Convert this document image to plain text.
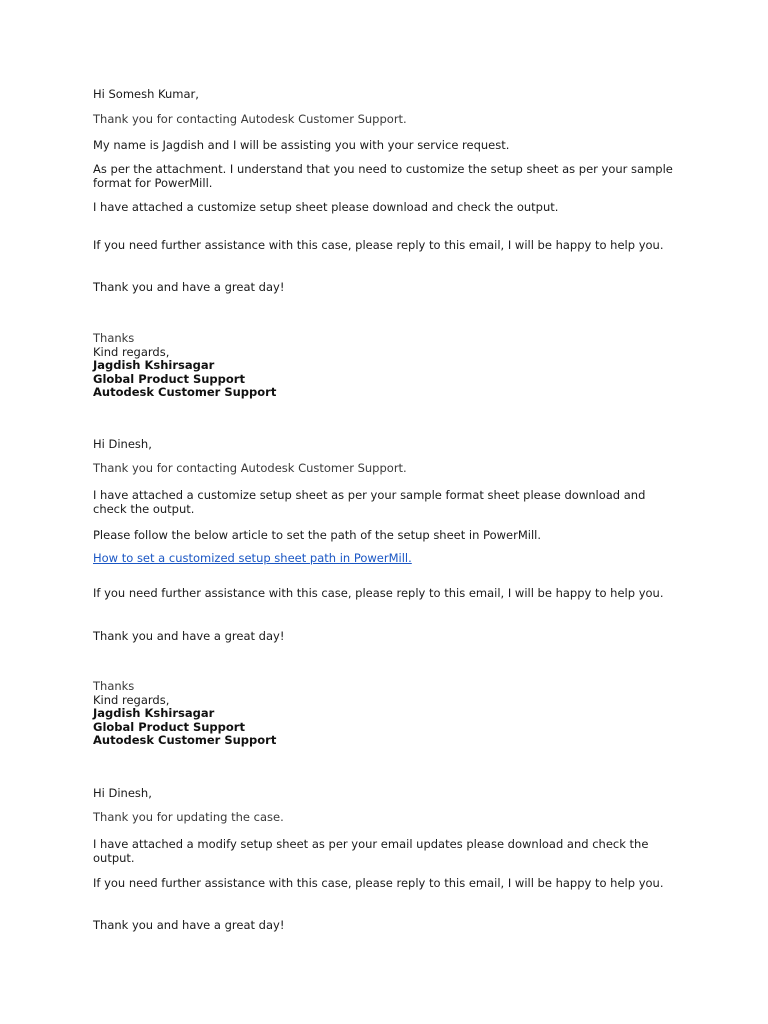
Hi Somesh Kumar,

Thank you for contacting Autodesk Customer Support.

My name is Jagdish and I will be assisting you with your service request.

As per the attachment. I understand that you need to customize the setup sheet as per your sample format for PowerMill.

I have attached a customize setup sheet please download and check the output.

If you need further assistance with this case, please reply to this email, I will be happy to help you.

Thank you and have a great day!

Thanks
Kind regards,
Jagdish Kshirsagar
Global Product Support
Autodesk Customer Support

Hi Dinesh,

Thank you for contacting Autodesk Customer Support.

I have attached a customize setup sheet as per your sample format sheet please download and check the output.

Please follow the below article to set the path of the setup sheet in PowerMill.

How to set a customized setup sheet path in PowerMill.

If you need further assistance with this case, please reply to this email, I will be happy to help you.

Thank you and have a great day!

Thanks
Kind regards,
Jagdish Kshirsagar
Global Product Support
Autodesk Customer Support

Hi Dinesh,

Thank you for updating the case.

I have attached a modify setup sheet as per your email updates please download and check the output.

If you need further assistance with this case, please reply to this email, I will be happy to help you.

Thank you and have a great day!
